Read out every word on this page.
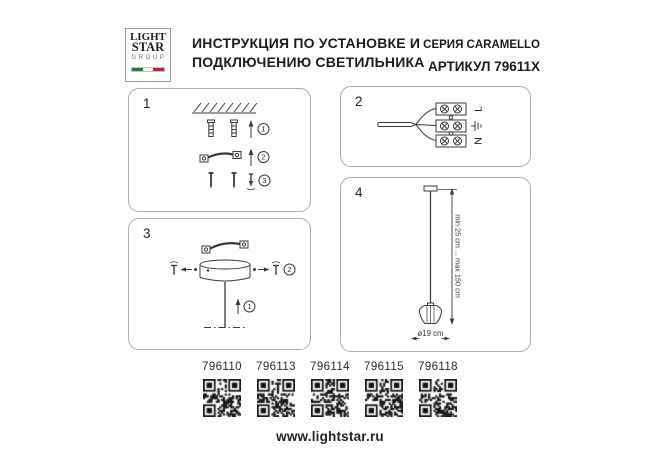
LIGHT
STAR
GROUP
ИНСТРУКЦИЯ ПО УСТАНОВКЕ И
ПОДКЛЮЧЕНИЮ СВЕТИЛЬНИКА
СЕРИЯ CARAMELLO
АРТИКУЛ 79611X
1
1
2
3
2	L
N
3
2
1
4
min 25 cm ... max 150 cm
ø19 cm
796110 796113 796114 796115 796118
www.lightstar.ru
